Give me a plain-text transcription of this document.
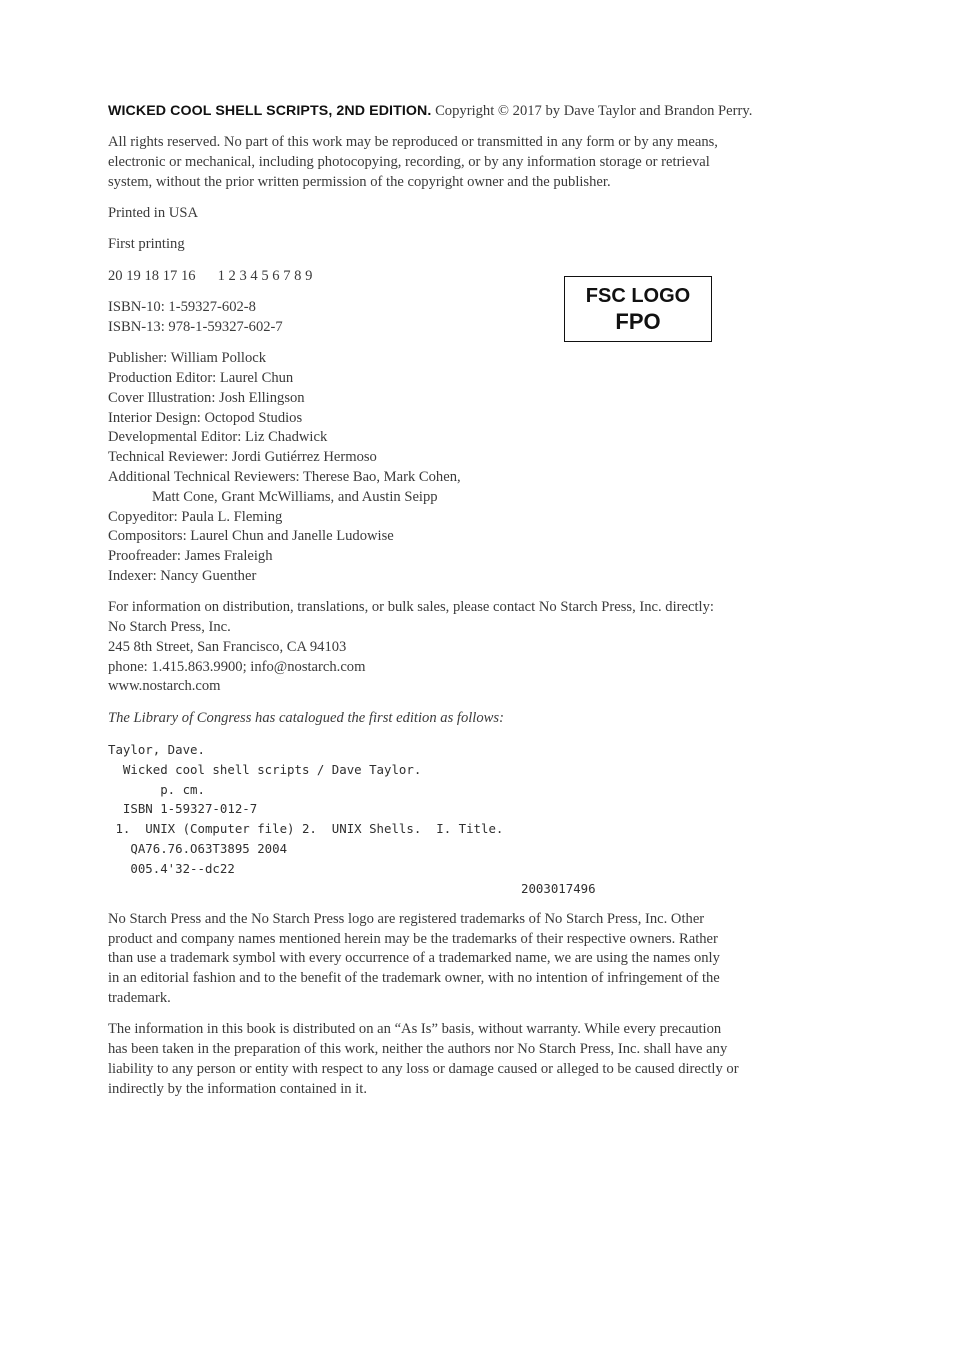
WICKED COOL SHELL SCRIPTS, 2ND EDITION. Copyright © 2017 by Dave Taylor and Brandon Perry.
All rights reserved. No part of this work may be reproduced or transmitted in any form or by any means,
electronic or mechanical, including photocopying, recording, or by any information storage or retrieval
system, without the prior written permission of the copyright owner and the publisher.
Printed in USA
First printing
20 19 18 17 16 1 2 3 4 5 6 7 8 9
ISBN-10: 1-59327-602-8
ISBN-13: 978-1-59327-602-7
Publisher: William Pollock
Production Editor: Laurel Chun
Cover Illustration: Josh Ellingson
Interior Design: Octopod Studios
Developmental Editor: Liz Chadwick
Technical Reviewer: Jordi Gutiérrez Hermoso
Additional Technical Reviewers: Therese Bao, Mark Cohen,
Matt Cone, Grant McWilliams, and Austin Seipp
Copyeditor: Paula L. Fleming
Compositors: Laurel Chun and Janelle Ludowise
Proofreader: James Fraleigh
Indexer: Nancy Guenther
For information on distribution, translations, or bulk sales, please contact No Starch Press, Inc. directly:
No Starch Press, Inc.
245 8th Street, San Francisco, CA 94103
phone: 1.415.863.9900; info@nostarch.com
www.nostarch.com
The Library of Congress has catalogued the first edition as follows:
Taylor, Dave.
Wicked cool shell scripts / Dave Taylor.
p. cm.
ISBN 1-59327-012-7
1.  UNIX (Computer file) 2.  UNIX Shells.  I. Title.
QA76.76.O63T3895 2004
005.4'32--dc22
2003017496
No Starch Press and the No Starch Press logo are registered trademarks of No Starch Press, Inc. Other
product and company names mentioned herein may be the trademarks of their respective owners. Rather
than use a trademark symbol with every occurrence of a trademarked name, we are using the names only
in an editorial fashion and to the benefit of the trademark owner, with no intention of infringement of the
trademark.
The information in this book is distributed on an “As Is” basis, without warranty. While every precaution
has been taken in the preparation of this work, neither the authors nor No Starch Press, Inc. shall have any
liability to any person or entity with respect to any loss or damage caused or alleged to be caused directly or
indirectly by the information contained in it.
FSC LOGO
FPO
